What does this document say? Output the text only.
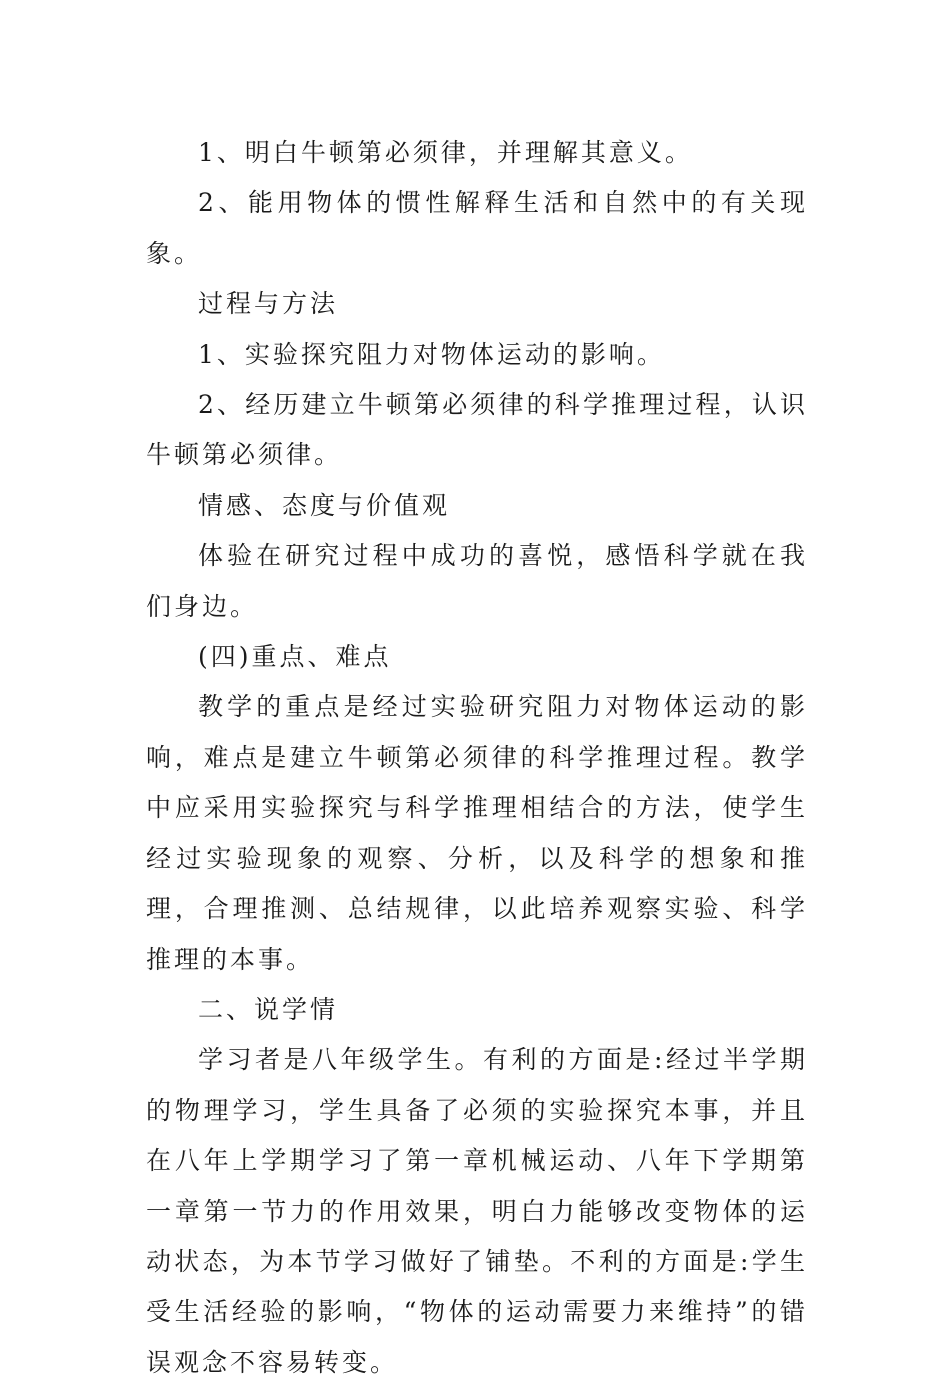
1、明白牛顿第必须律，并理解其意义。

2、能用物体的惯性解释生活和自然中的有关现象。

过程与方法

1、实验探究阻力对物体运动的影响。

2、经历建立牛顿第必须律的科学推理过程，认识牛顿第必须律。

情感、态度与价值观

体验在研究过程中成功的喜悦，感悟科学就在我们身边。

(四)重点、难点

教学的重点是经过实验研究阻力对物体运动的影响，难点是建立牛顿第必须律的科学推理过程。教学中应采用实验探究与科学推理相结合的方法，使学生经过实验现象的观察、分析，以及科学的想象和推理，合理推测、总结规律，以此培养观察实验、科学推理的本事。

二、说学情

学习者是八年级学生。有利的方面是:经过半学期的物理学习，学生具备了必须的实验探究本事，并且在八年上学期学习了第一章机械运动、八年下学期第一章第一节力的作用效果，明白力能够改变物体的运动状态，为本节学习做好了铺垫。不利的方面是:学生受生活经验的影响，“物体的运动需要力来维持”的错误观念不容易转变。
